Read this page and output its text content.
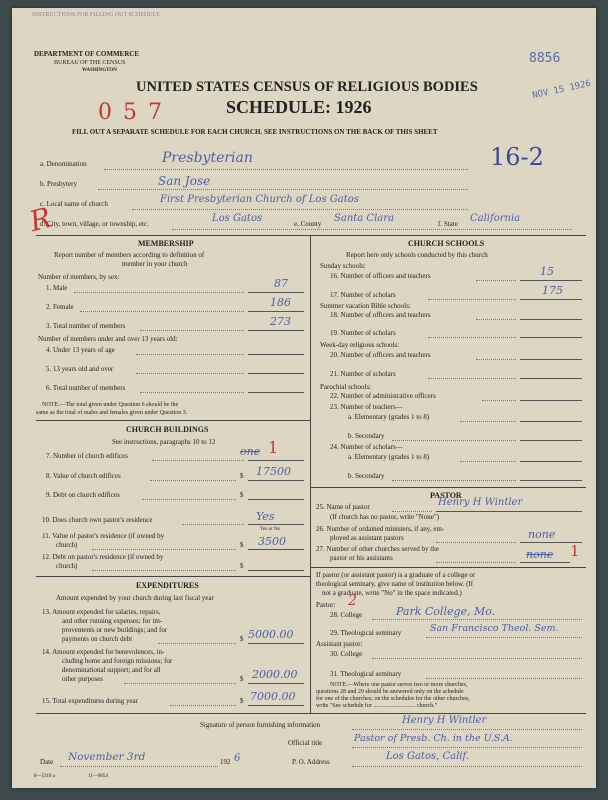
INSTRUCTIONS FOR FILLING OUT SCHEDULE
DEPARTMENT OF COMMERCE
BUREAU OF THE CENSUS
WASHINGTON
UNITED STATES CENSUS OF RELIGIOUS BODIES
SCHEDULE: 1926
FILL OUT A SEPARATE SCHEDULE FOR EACH CHURCH. SEE INSTRUCTIONS ON THE BACK OF THIS SHEET
0 5 7
8856
NOV 15 1926
16-2
a. Denomination	Presbyterian
b. Presbytery	San Jose
c. Local name of church	First Presbyterian Church of Los Gatos
d. City, town, village, or township, etc.	Los Gatos	e. County Santa Clara	f. State California
R
MEMBERSHIP
Report number of members according to definition of
member in your church
Number of members, by sex:
1. Male	87
2. Female	186
3. Total number of members	273
Number of members under and over 13 years old:
4. Under 13 years of age
5. 13 years old and over
6. Total number of members
NOTE.—The total given under Question 6 should be the
same as the total of males and females given under Question 3.
CHURCH BUILDINGS
See instructions, paragraphs 10 to 12
7. Number of church edifices	one 1
8. Value of church edifices	$ 17500
9. Debt on church edifices	$
10. Does church own pastor's residence	Yes
Yes or No
11. Value of pastor's residence (if owned by
church)	$ 3500
12. Debt on pastor's residence (if owned by
church)	$
EXPENDITURES
Amount expended by your church during last fiscal year
13. Amount expended for salaries, repairs,
and other running expenses; for im-
provements or new buildings; and for
payments on church debt	$ 5000.00
14. Amount expended for benevolences, in-
cluding home and foreign missions; for
denominational support; and for all
other purposes	$ 2000.00
15. Total expenditures during year	$ 7000.00
CHURCH SCHOOLS
Report here only schools conducted by this church
Sunday schools:
16. Number of officers and teachers	15
17. Number of scholars	175
Summer vacation Bible schools:
18. Number of officers and teachers
19. Number of scholars
Week-day religious schools:
20. Number of officers and teachers
21. Number of scholars
Parochial schools:
22. Number of administrative officers
23. Number of teachers—
a. Elementary (grades 1 to 8)
b. Secondary
24. Number of scholars—
a. Elementary (grades 1 to 8)
b. Secondary
PASTOR
25. Name of pastor	Henry H Wintler
(If church has no pastor, write "None")
26. Number of ordained ministers, if any, em-
ployed as assistant pastors	none
27. Number of other churches served by the
pastor or his assistants	none 1
If pastor (or assistant pastor) is a graduate of a college or
theological seminary, give name of institution below. (If
not a graduate, write "No" in the space indicated.)
Pastor: 2
28. College	Park College, Mo.
29. Theological seminary	San Francisco Theol. Sem.
Assistant pastor:
30. College
31. Theological seminary
NOTE.—Where one pastor serves two or more churches,
questions 28 and 29 should be answered only on the schedule
for one of the churches; on the schedules for the other churches,
write "See schedule for ............................ church."
Signature of person furnishing information	Henry H Wintler
Official title	Pastor of Presb. Ch. in the U.S.A.
Date November 3rd	192 6	P. O. Address	Los Gatos, Calif.
8—5318 a	11—9054
